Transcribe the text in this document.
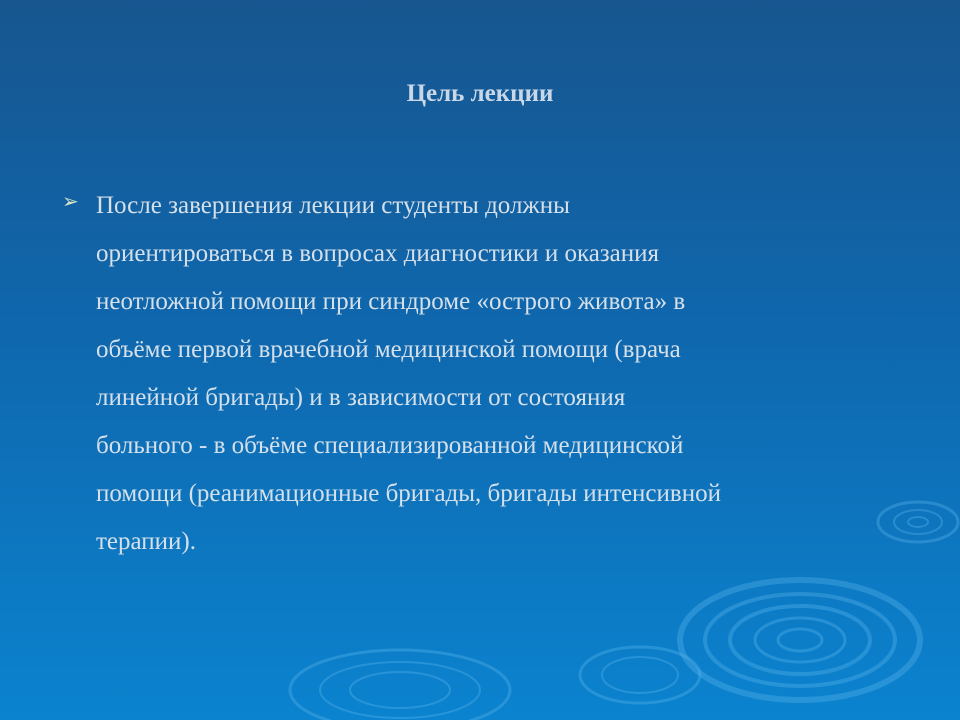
Цель лекции
➢ После завершения лекции студенты должны
ориентироваться в вопросах диагностики и оказания
неотложной помощи при синдроме «острого живота» в
объёме первой врачебной медицинской помощи (врача
линейной бригады) и в зависимости от состояния
больного - в объёме специализированной медицинской
помощи (реанимационные бригады, бригады интенсивной
терапии).
